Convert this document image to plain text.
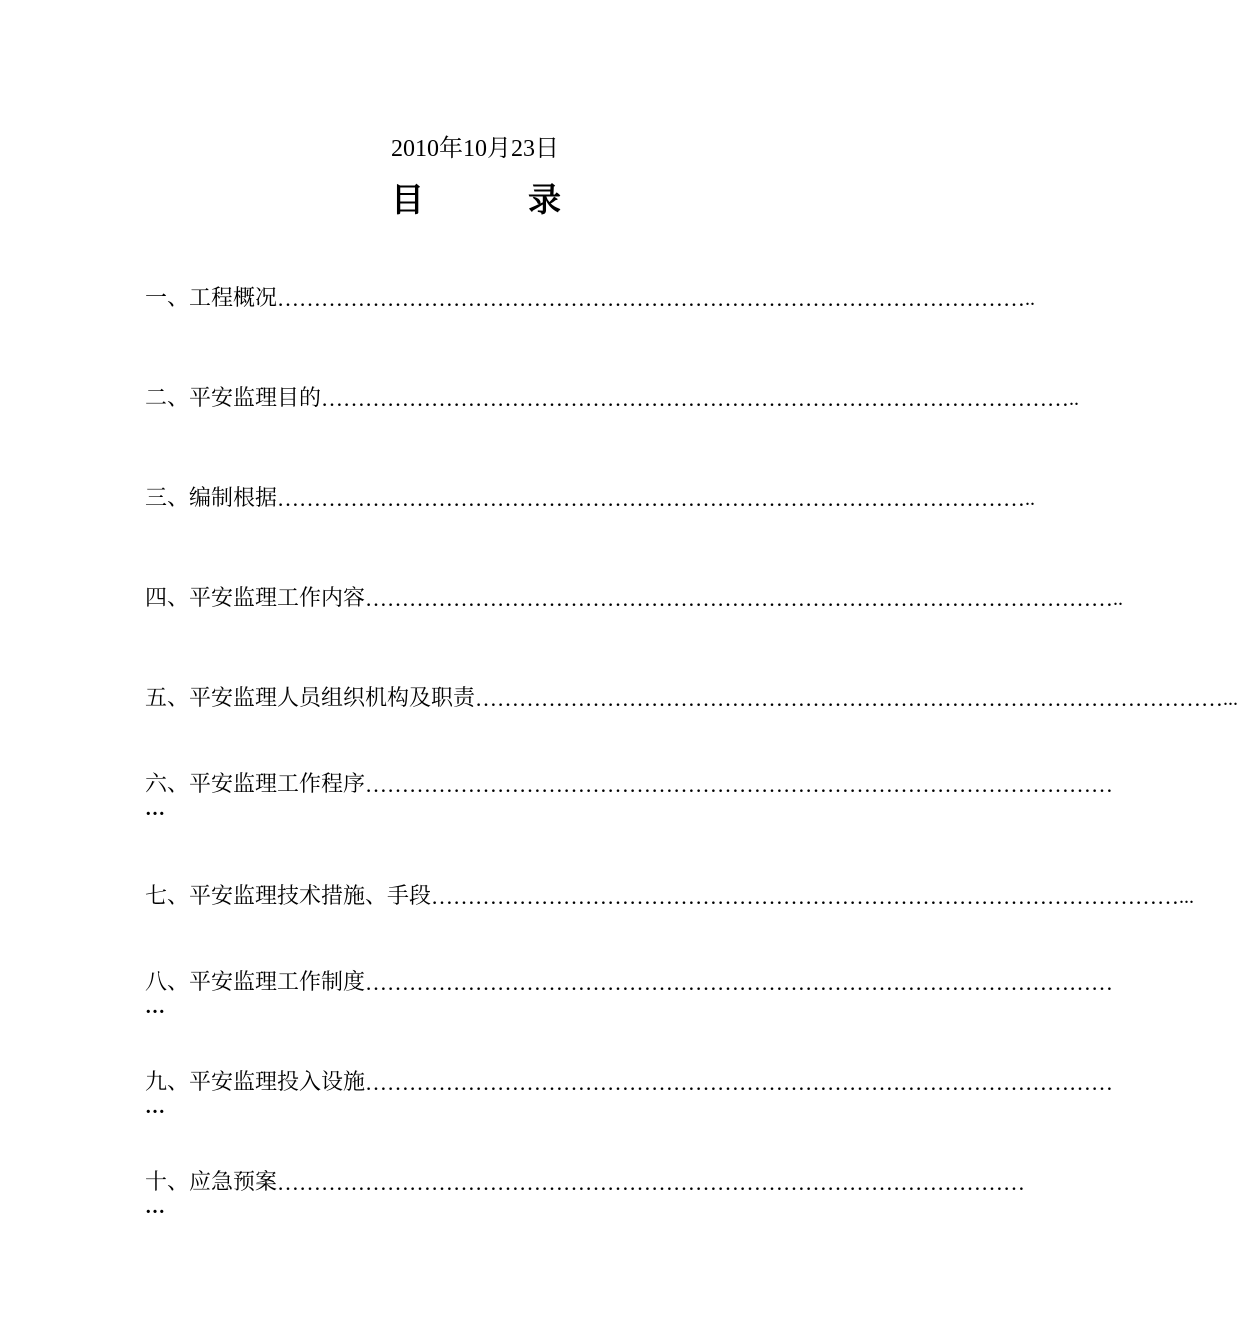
2010年10月23日
目	录
一、工程概况 ………………………………………………………………………………………… ..
二、平安监理目的 ………………………………………………………………………………………… ..
三、编制根据 ………………………………………………………………………………………… ..
四、平安监理工作内容 ………………………………………………………………………………………… ..
五、平安监理人员组织机构及职责 ………………………………………………………………………………………… ...
六、平安监理工作程序 …………………………………………………………………………………………
…
七、平安监理技术措施、手段 ………………………………………………………………………………………… ...
八、平安监理工作制度 …………………………………………………………………………………………
…
九、平安监理投入设施 …………………………………………………………………………………………
…
十、应急预案 …………………………………………………………………………………………
…
